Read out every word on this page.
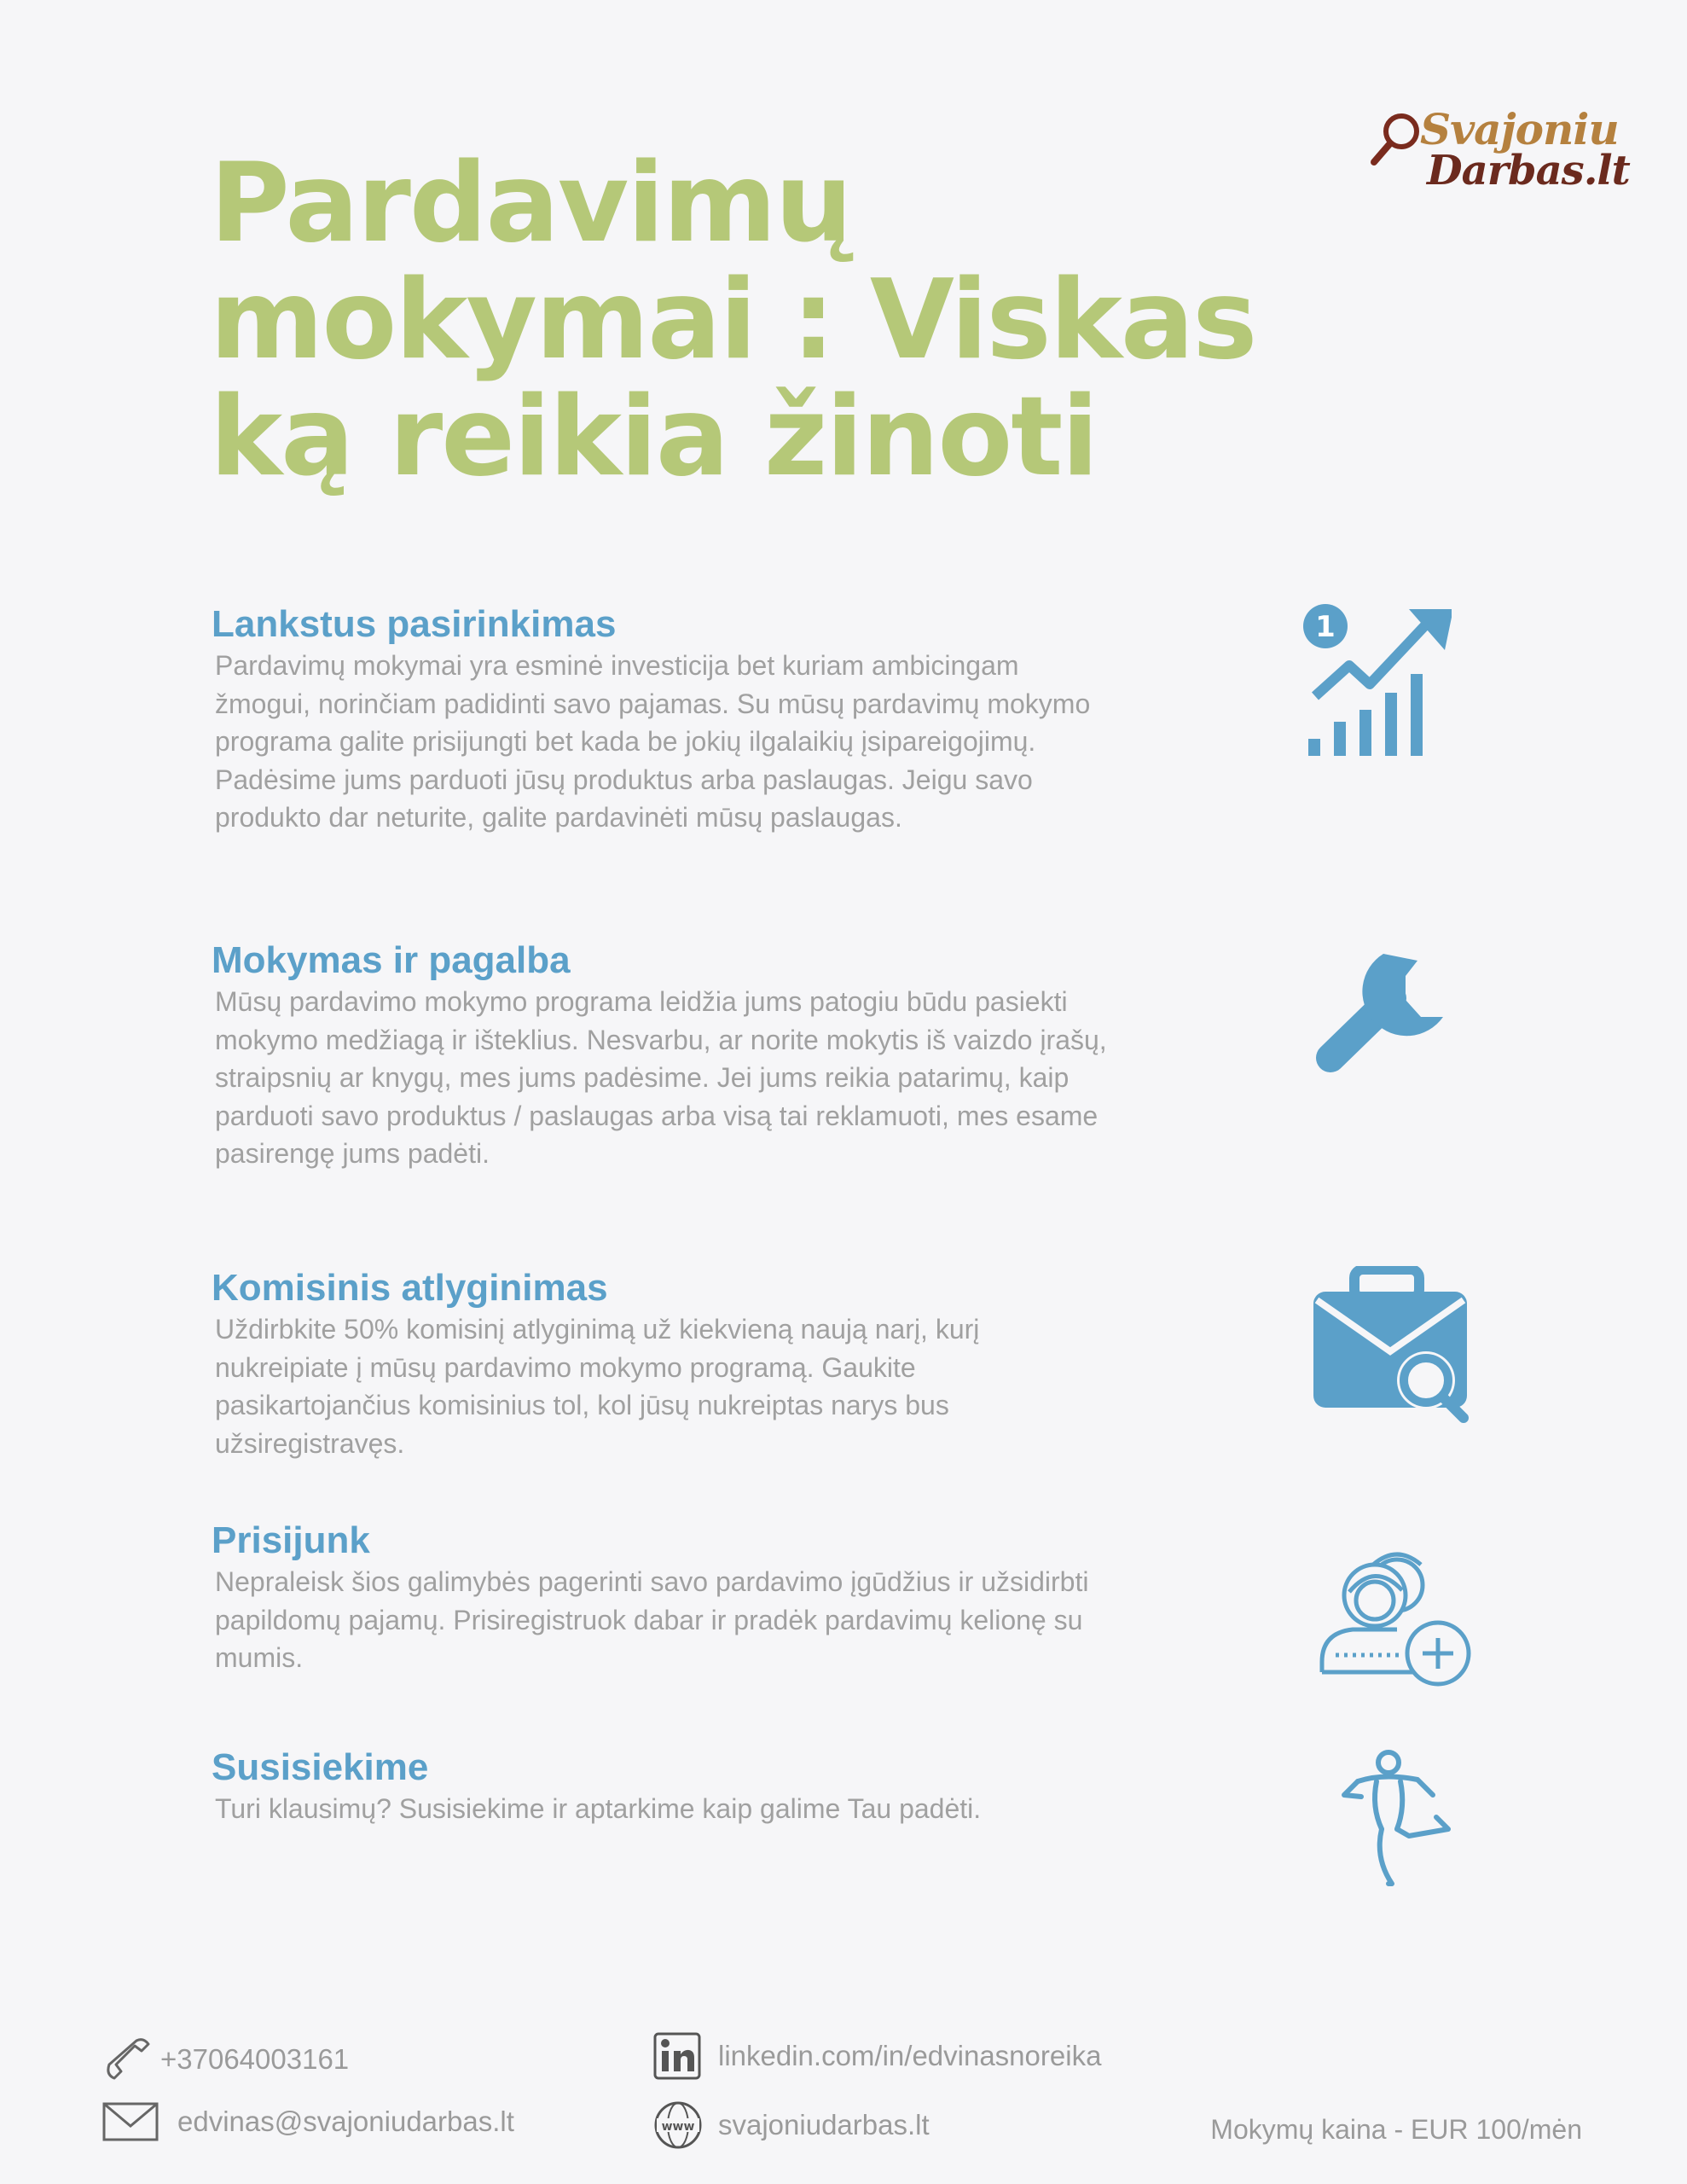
Svajoniu
Darbas.lt
Pardavimų mokymai : Viskas ką reikia žinoti
Lankstus pasirinkimas

Pardavimų mokymai yra esminė investicija bet kuriam ambicingam žmogui, norinčiam padidinti savo pajamas. Su mūsų pardavimų mokymo programa galite prisijungti bet kada be jokių ilgalaikių įsipareigojimų. Padėsime jums parduoti jūsų produktus arba paslaugas. Jeigu savo produkto dar neturite, galite pardavinėti mūsų paslaugas.

1
Mokymas ir pagalba

Mūsų pardavimo mokymo programa leidžia jums patogiu būdu pasiekti mokymo medžiagą ir išteklius. Nesvarbu, ar norite mokytis iš vaizdo įrašų, straipsnių ar knygų, mes jums padėsime. Jei jums reikia patarimų, kaip parduoti savo produktus / paslaugas arba visą tai reklamuoti, mes esame pasirengę jums padėti.

Komisinis atlyginimas

Uždirbkite 50% komisinį atlyginimą už kiekvieną naują narį, kurį nukreipiate į mūsų pardavimo mokymo programą. Gaukite pasikartojančius komisinius tol, kol jūsų nukreiptas narys bus užsiregistravęs.

Prisijunk

Nepraleisk šios galimybės pagerinti savo pardavimo įgūdžius ir užsidirbti papildomų pajamų. Prisiregistruok dabar ir pradėk pardavimų kelionę su mumis.

Susisiekime

Turi klausimų? Susisiekime ir aptarkime kaip galime Tau padėti.

+37064003161
edvinas@svajoniudarbas.lt
linkedin.com/in/edvinasnoreika
www svajoniudarbas.lt	Mokymų kaina - EUR 100/mėn
